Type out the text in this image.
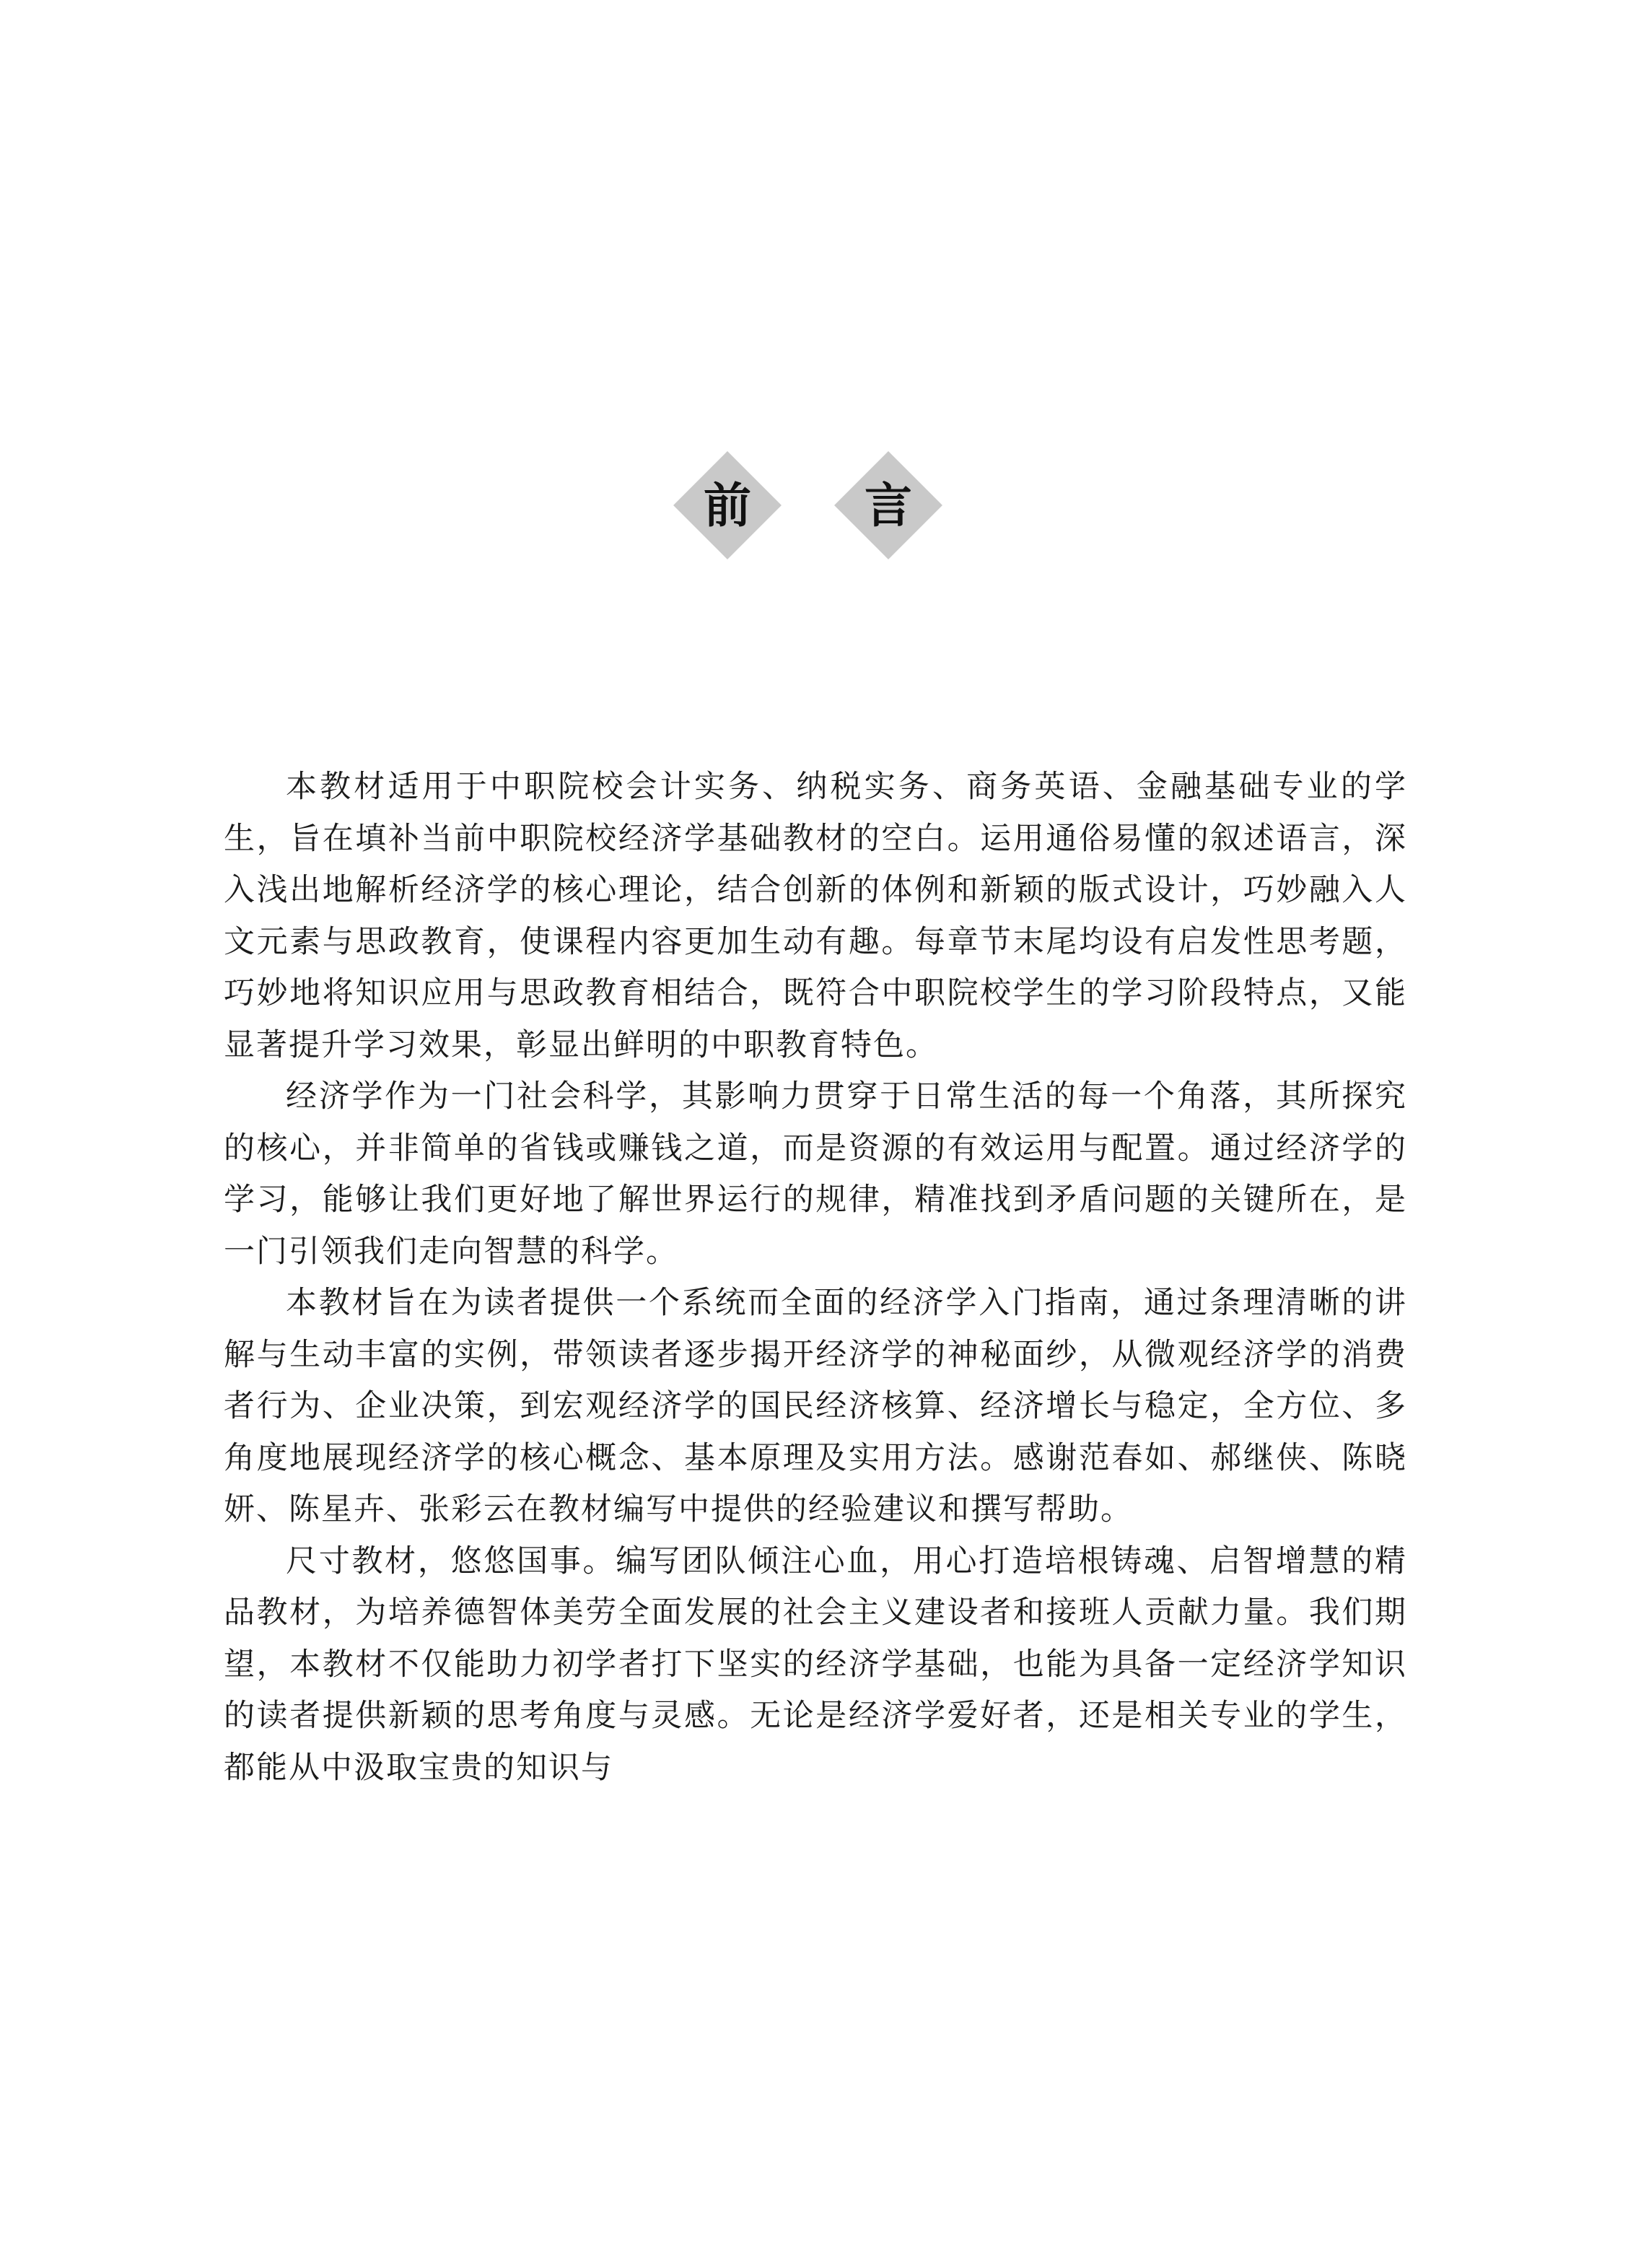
前	言

本教材适用于中职院校会计实务、纳税实务、商务英语、金融基础专业的学生，旨在填补当前中职院校经济学基础教材的空白。运用通俗易懂的叙述语言，深入浅出地解析经济学的核心理论，结合创新的体例和新颖的版式设计，巧妙融入人文元素与思政教育，使课程内容更加生动有趣。每章节末尾均设有启发性思考题，巧妙地将知识应用与思政教育相结合，既符合中职院校学生的学习阶段特点，又能显著提升学习效果，彰显出鲜明的中职教育特色。

经济学作为一门社会科学，其影响力贯穿于日常生活的每一个角落，其所探究的核心，并非简单的省钱或赚钱之道，而是资源的有效运用与配置。通过经济学的学习，能够让我们更好地了解世界运行的规律，精准找到矛盾问题的关键所在，是一门引领我们走向智慧的科学。

本教材旨在为读者提供一个系统而全面的经济学入门指南，通过条理清晰的讲解与生动丰富的实例，带领读者逐步揭开经济学的神秘面纱，从微观经济学的消费者行为、企业决策，到宏观经济学的国民经济核算、经济增长与稳定，全方位、多角度地展现经济学的核心概念、基本原理及实用方法。感谢范春如、郝继侠、陈晓妍、陈星卉、张彩云在教材编写中提供的经验建议和撰写帮助。

尺寸教材，悠悠国事。编写团队倾注心血，用心打造培根铸魂、启智增慧的精品教材，为培养德智体美劳全面发展的社会主义建设者和接班人贡献力量。我们期望，本教材不仅能助力初学者打下坚实的经济学基础，也能为具备一定经济学知识的读者提供新颖的思考角度与灵感。无论是经济学爱好者，还是相关专业的学生，都能从中汲取宝贵的知识与
